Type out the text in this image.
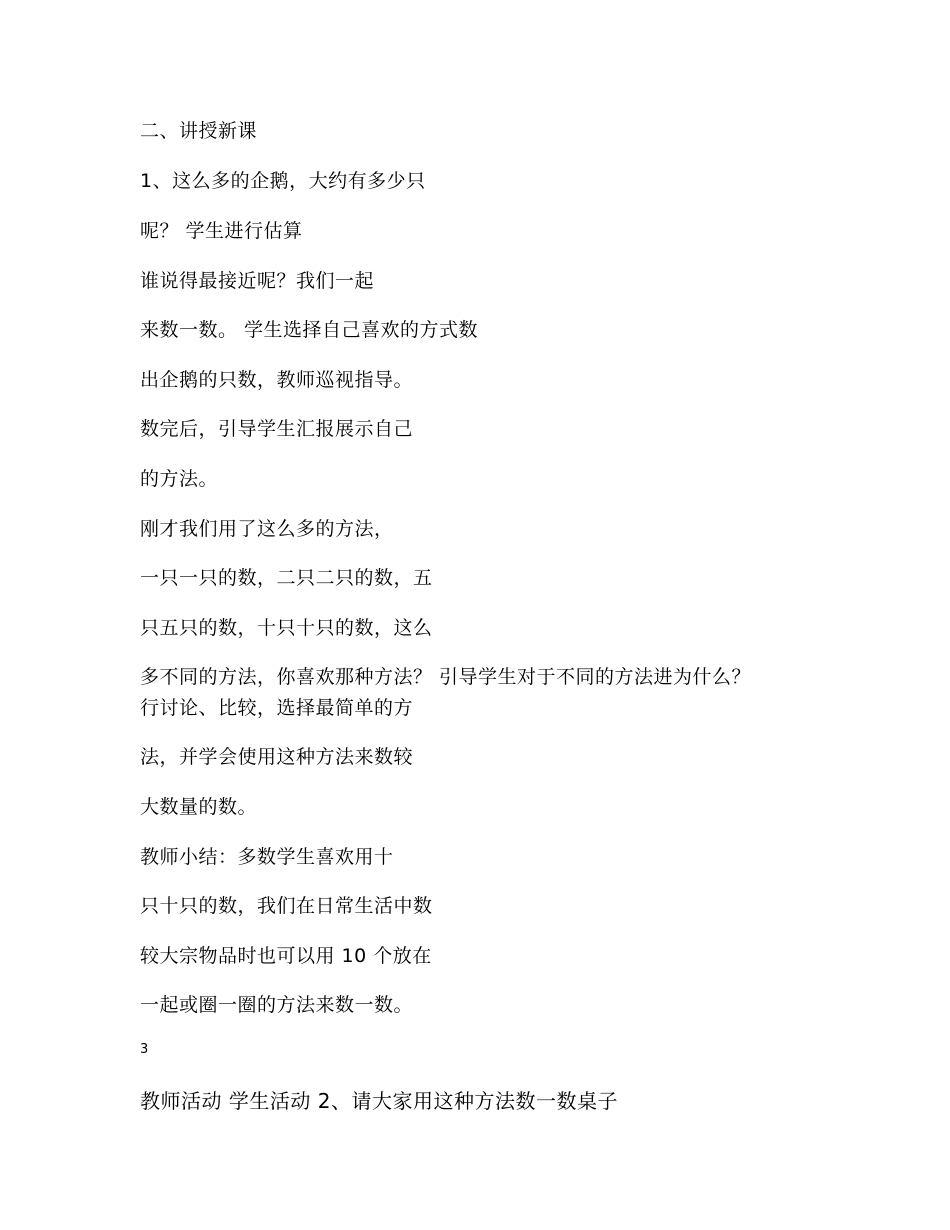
二、讲授新课
1、这么多的企鹅，大约有多少只
呢？ 学生进行估算
谁说得最接近呢？我们一起
来数一数。 学生选择自己喜欢的方式数
出企鹅的只数，教师巡视指导。
数完后，引导学生汇报展示自己
的方法。
刚才我们用了这么多的方法，
一只一只的数，二只二只的数，五
只五只的数，十只十只的数，这么
多不同的方法，你喜欢那种方法？ 引导学生对于不同的方法进为什么？
行讨论、比较，选择最简单的方
法，并学会使用这种方法来数较
大数量的数。
教师小结：多数学生喜欢用十
只十只的数，我们在日常生活中数
较大宗物品时也可以用 10 个放在
一起或圈一圈的方法来数一数。
3
教师活动 学生活动 2、请大家用这种方法数一数桌子
